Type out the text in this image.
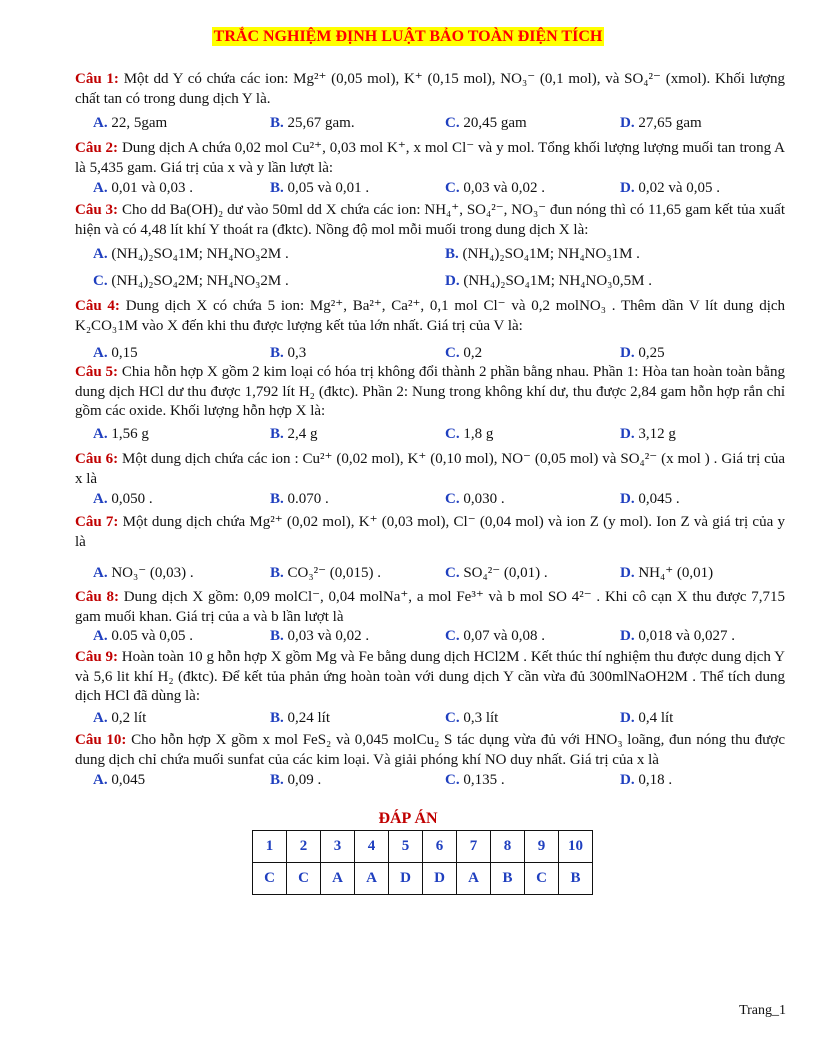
TRẮC NGHIỆM ĐỊNH LUẬT BẢO TOÀN ĐIỆN TÍCH
Câu 1: Một dd Y có chứa các ion: Mg²⁺ (0,05 mol), K⁺ (0,15 mol), NO₃⁻ (0,1 mol), và SO₄²⁻ (xmol). Khối lượng chất tan có trong dung dịch Y là.
A. 22, 5gam	B. 25,67 gam.	C. 20,45 gam	D. 27,65 gam
Câu 2: Dung dịch A chứa 0,02 mol Cu²⁺, 0,03 mol K⁺, x mol Cl⁻ và y mol. Tổng khối lượng lượng muối tan trong A là 5,435 gam. Giá trị của x và y lần lượt là:
A. 0,01 và 0,03 .	B. 0,05 và 0,01 .	C. 0,03 và 0,02 .	D. 0,02 và 0,05 .
Câu 3: Cho dd Ba(OH)₂ dư vào 50ml dd X chứa các ion: NH₄⁺, SO₄²⁻, NO₃⁻ đun nóng thì có 11,65 gam kết tủa xuất hiện và có 4,48 lít khí Y thoát ra (đktc). Nồng độ mol mỗi muối trong dung dịch X là:
A. (NH₄)₂SO₄1M; NH₄NO₃2M .	B. (NH₄)₂SO₄1M; NH₄NO₃1M .
C. (NH₄)₂SO₄2M; NH₄NO₃2M .	D. (NH₄)₂SO₄1M; NH₄NO₃0,5M .
Câu 4: Dung dịch X có chứa 5 ion: Mg²⁺, Ba²⁺, Ca²⁺, 0,1 mol Cl⁻ và 0,2 molNO₃ . Thêm dần V lít dung dịch K₂CO₃1M vào X đến khi thu được lượng kết tủa lớn nhất. Giá trị của V là:
A. 0,15	B. 0,3	C. 0,2	D. 0,25
Câu 5: Chia hỗn hợp X gồm 2 kim loại có hóa trị không đổi thành 2 phần bằng nhau. Phần 1: Hòa tan hoàn toàn bằng dung dịch HCl dư thu được 1,792 lít H₂ (đktc). Phần 2: Nung trong không khí dư, thu được 2,84 gam hỗn hợp rắn chỉ gồm các oxide. Khối lượng hỗn hợp X là:
A. 1,56 g	B. 2,4 g	C. 1,8 g	D. 3,12 g
Câu 6: Một dung dịch chứa các ion : Cu²⁺ (0,02 mol), K⁺ (0,10 mol), NO⁻ (0,05 mol) và SO₄²⁻ (x mol ) . Giá trị của x là
A. 0,050 .	B. 0.070 .	C. 0,030 .	D. 0,045 .
Câu 7: Một dung dịch chứa Mg²⁺ (0,02 mol), K⁺ (0,03 mol), Cl⁻ (0,04 mol) và ion Z (y mol). Ion Z và giá trị của y là
A. NO₃⁻ (0,03) .	B. CO₃²⁻ (0,015) .	C. SO₄²⁻ (0,01) .	D. NH₄⁺ (0,01)
Câu 8: Dung dịch X gồm: 0,09 molCl⁻, 0,04 molNa⁺, a mol Fe³⁺ và b mol SO 4²⁻ . Khi cô cạn X thu được 7,715 gam muối khan. Giá trị của a và b lần lượt là
A. 0.05 và 0,05 .	B. 0,03 và 0,02 .	C. 0,07 và 0,08 .	D. 0,018 và 0,027 .
Câu 9: Hoàn toàn 10 g hỗn hợp X gồm Mg và Fe bằng dung dịch HCl2M . Kết thúc thí nghiệm thu được dung dịch Y và 5,6 lit khí H₂ (đktc). Để kết tủa phản ứng hoàn toàn với dung dịch Y cần vừa đủ 300mlNaOH2M . Thể tích dung dịch HCl đã dùng là:
A. 0,2 lít	B. 0,24 lít	C. 0,3 lít	D. 0,4 lít
Câu 10: Cho hỗn hợp X gồm x mol FeS₂ và 0,045 molCu₂ S tác dụng vừa đủ với HNO₃ loãng, đun nóng thu được dung dịch chỉ chứa muối sunfat của các kim loại. Và giải phóng khí NO duy nhất. Giá trị của x là
A. 0,045	B. 0,09 .	C. 0,135 .	D. 0,18 .
ĐÁP ÁN
1	2	3	4	5	6	7	8	9	10
C	C	A	A	D	D	A	B	C	B
Trang_1
